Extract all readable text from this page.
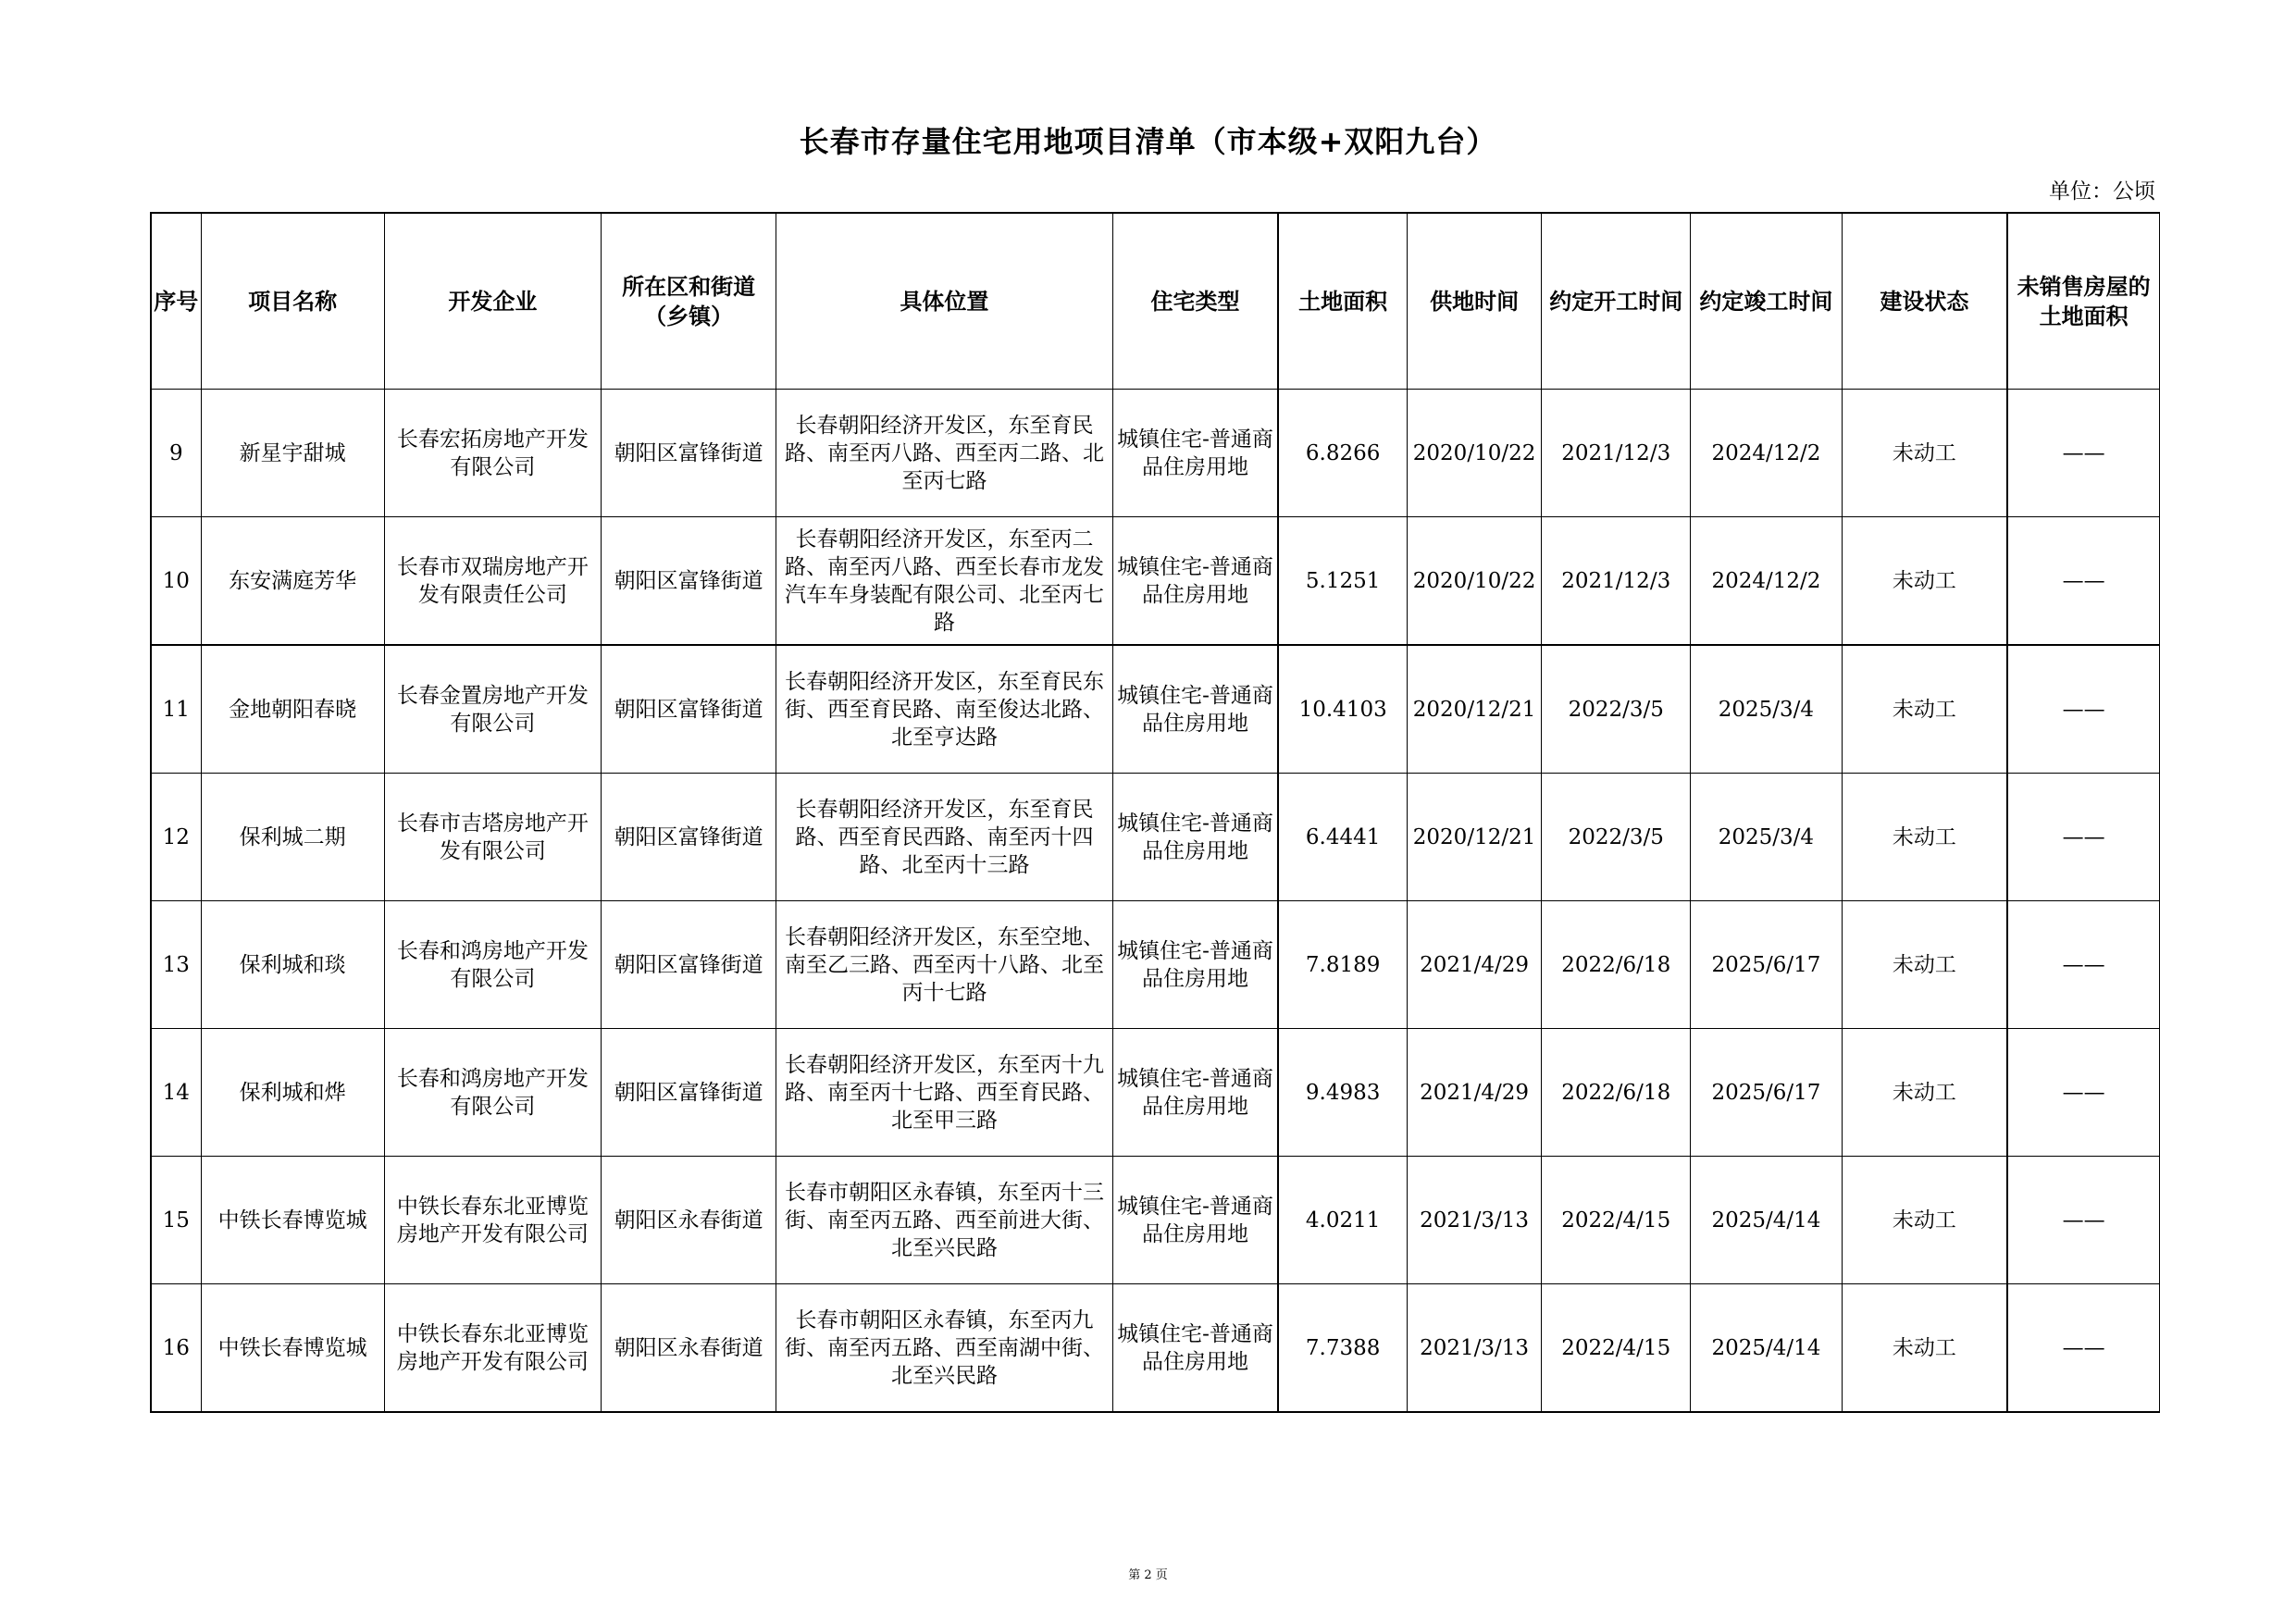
长春市存量住宅用地项目清单（市本级+双阳九台）
单位：公顷
序号	项目名称	开发企业	所在区和街道（乡镇）	具体位置	住宅类型	土地面积	供地时间	约定开工时间	约定竣工时间	建设状态	未销售房屋的土地面积
9	新星宇甜城	长春宏拓房地产开发有限公司	朝阳区富锋街道	长春朝阳经济开发区，东至育民路、南至丙八路、西至丙二路、北至丙七路	城镇住宅-普通商品住房用地	6.8266	2020/10/22	2021/12/3	2024/12/2	未动工	——
10	东安满庭芳华	长春市双瑞房地产开发有限责任公司	朝阳区富锋街道	长春朝阳经济开发区，东至丙二路、南至丙八路、西至长春市龙发汽车车身装配有限公司、北至丙七路	城镇住宅-普通商品住房用地	5.1251	2020/10/22	2021/12/3	2024/12/2	未动工	——
11	金地朝阳春晓	长春金置房地产开发有限公司	朝阳区富锋街道	长春朝阳经济开发区，东至育民东街、西至育民路、南至俊达北路、北至亨达路	城镇住宅-普通商品住房用地	10.4103	2020/12/21	2022/3/5	2025/3/4	未动工	——
12	保利城二期	长春市吉塔房地产开发有限公司	朝阳区富锋街道	长春朝阳经济开发区，东至育民路、西至育民西路、南至丙十四路、北至丙十三路	城镇住宅-普通商品住房用地	6.4441	2020/12/21	2022/3/5	2025/3/4	未动工	——
13	保利城和琰	长春和鸿房地产开发有限公司	朝阳区富锋街道	长春朝阳经济开发区，东至空地、南至乙三路、西至丙十八路、北至丙十七路	城镇住宅-普通商品住房用地	7.8189	2021/4/29	2022/6/18	2025/6/17	未动工	——
14	保利城和烨	长春和鸿房地产开发有限公司	朝阳区富锋街道	长春朝阳经济开发区，东至丙十九路、南至丙十七路、西至育民路、北至甲三路	城镇住宅-普通商品住房用地	9.4983	2021/4/29	2022/6/18	2025/6/17	未动工	——
15	中铁长春博览城	中铁长春东北亚博览房地产开发有限公司	朝阳区永春街道	长春市朝阳区永春镇，东至丙十三街、南至丙五路、西至前进大街、北至兴民路	城镇住宅-普通商品住房用地	4.0211	2021/3/13	2022/4/15	2025/4/14	未动工	——
16	中铁长春博览城	中铁长春东北亚博览房地产开发有限公司	朝阳区永春街道	长春市朝阳区永春镇，东至丙九街、南至丙五路、西至南湖中街、北至兴民路	城镇住宅-普通商品住房用地	7.7388	2021/3/13	2022/4/15	2025/4/14	未动工	——
第 2 页
